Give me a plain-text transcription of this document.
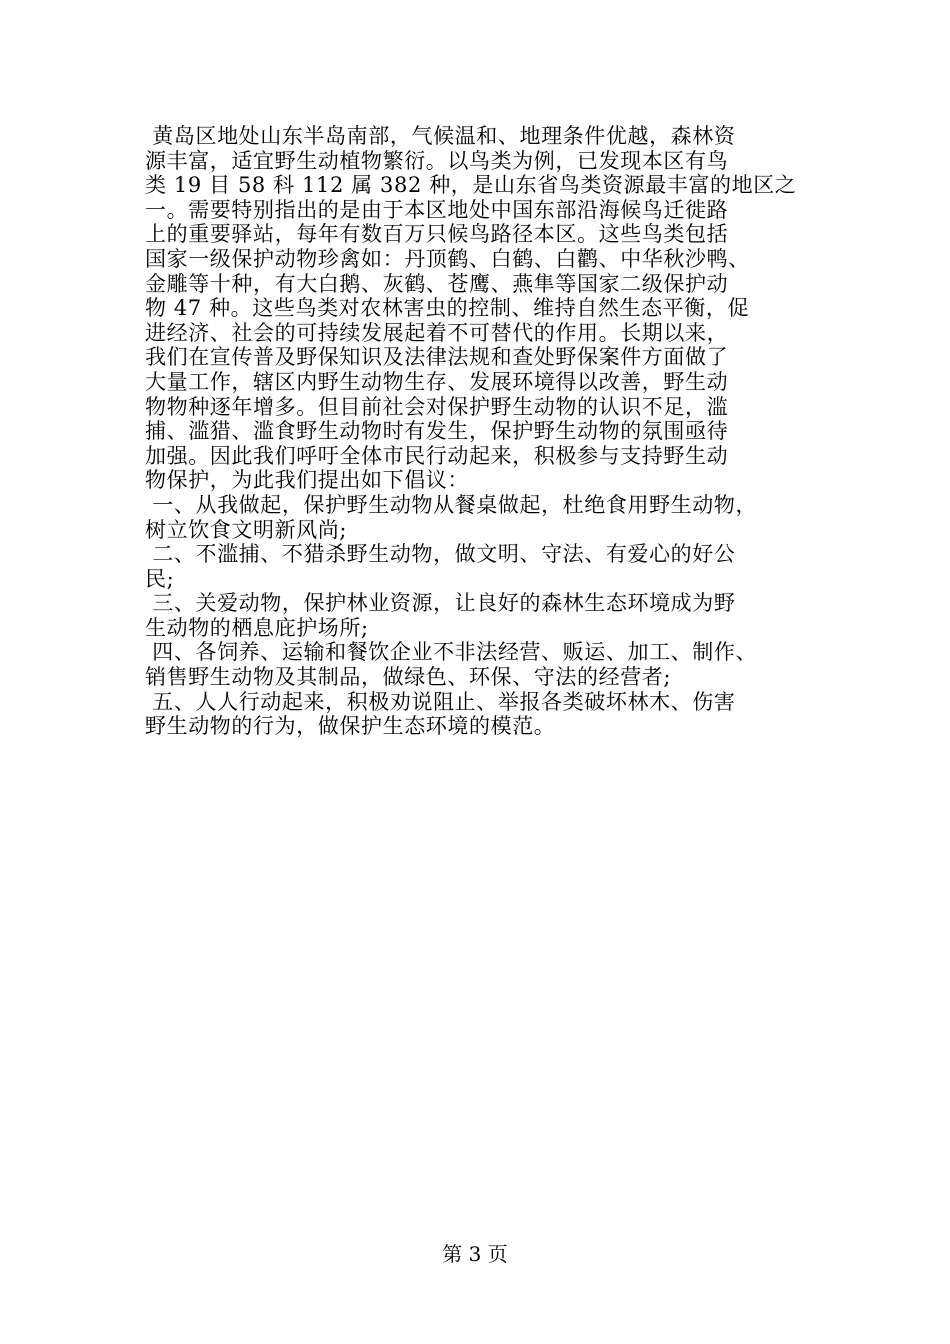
黄岛区地处山东半岛南部，气候温和、地理条件优越，森林资
源丰富，适宜野生动植物繁衍。以鸟类为例，已发现本区有鸟
类 19 目 58 科 112 属 382 种，是山东省鸟类资源最丰富的地区之
一。需要特别指出的是由于本区地处中国东部沿海候鸟迁徙路
上的重要驿站，每年有数百万只候鸟路径本区。这些鸟类包括
国家一级保护动物珍禽如：丹顶鹤、白鹤、白鹳、中华秋沙鸭、
金雕等十种，有大白鹅、灰鹤、苍鹰、燕隼等国家二级保护动
物 47 种。这些鸟类对农林害虫的控制、维持自然生态平衡，促
进经济、社会的可持续发展起着不可替代的作用。长期以来，
我们在宣传普及野保知识及法律法规和查处野保案件方面做了
大量工作，辖区内野生动物生存、发展环境得以改善，野生动
物物种逐年增多。但目前社会对保护野生动物的认识不足，滥
捕、滥猎、滥食野生动物时有发生，保护野生动物的氛围亟待
加强。因此我们呼吁全体市民行动起来，积极参与支持野生动
物保护，为此我们提出如下倡议：
一、从我做起，保护野生动物从餐桌做起，杜绝食用野生动物，
树立饮食文明新风尚;
二、不滥捕、不猎杀野生动物，做文明、守法、有爱心的好公
民;
三、关爱动物，保护林业资源，让良好的森林生态环境成为野
生动物的栖息庇护场所;
四、各饲养、运输和餐饮企业不非法经营、贩运、加工、制作、
销售野生动物及其制品，做绿色、环保、守法的经营者;
五、人人行动起来，积极劝说阻止、举报各类破坏林木、伤害
野生动物的行为，做保护生态环境的模范。
第 3 页
